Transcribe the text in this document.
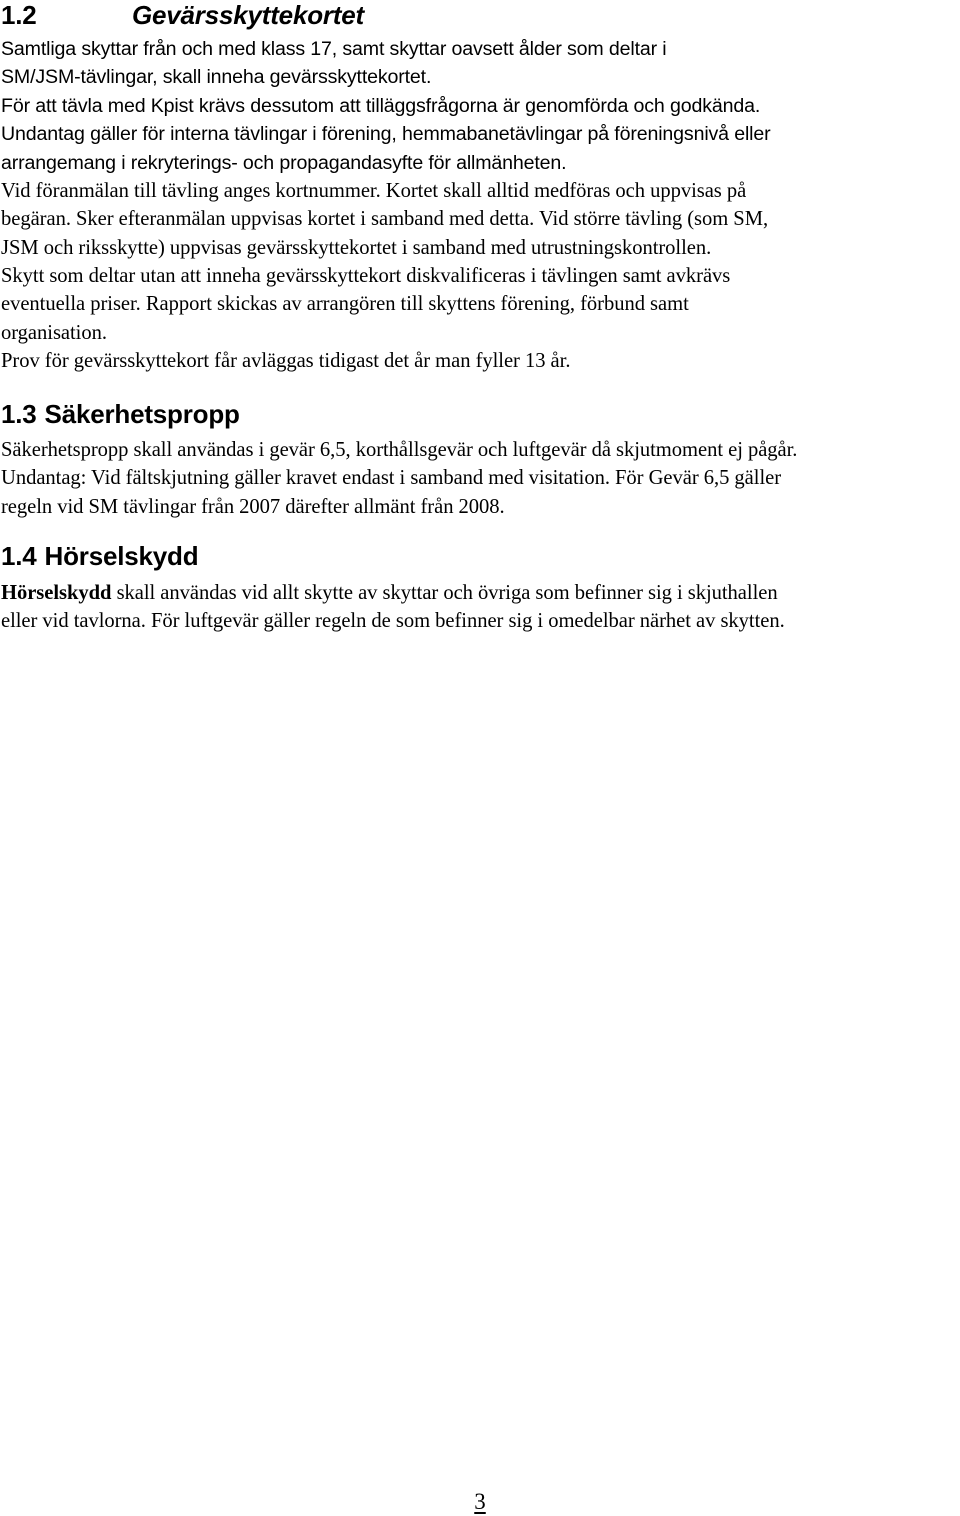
1.2	Gevärsskyttekortet

Samtliga skyttar från och med klass 17, samt skyttar oavsett ålder som deltar i

SM/JSM-tävlingar, skall inneha gevärsskyttekortet.

För att tävla med Kpist krävs dessutom att tilläggsfrågorna är genomförda och godkända.

Undantag gäller för interna tävlingar i förening, hemmabanetävlingar på föreningsnivå eller

arrangemang i rekryterings- och propagandasyfte för allmänheten.

Vid föranmälan till tävling anges kortnummer. Kortet skall alltid medföras och uppvisas på

begäran. Sker efteranmälan uppvisas kortet i samband med detta. Vid större tävling (som SM,

JSM och riksskytte) uppvisas gevärsskyttekortet i samband med utrustningskontrollen.

Skytt som deltar utan att inneha gevärsskyttekort diskvalificeras i tävlingen samt avkrävs

eventuella priser. Rapport skickas av arrangören till skyttens förening, förbund samt

organisation.

Prov för gevärsskyttekort får avläggas tidigast det år man fyller 13 år.

1.3 Säkerhetspropp

Säkerhetspropp skall användas i gevär 6,5, korthållsgevär och luftgevär då skjutmoment ej pågår.

Undantag: Vid fältskjutning gäller kravet endast i samband med visitation. För Gevär 6,5 gäller

regeln vid SM tävlingar från 2007 därefter allmänt från 2008.

1.4 Hörselskydd

Hörselskydd skall användas vid allt skytte av skyttar och övriga som befinner sig i skjuthallen

eller vid tavlorna. För luftgevär gäller regeln de som befinner sig i omedelbar närhet av skytten.

3
